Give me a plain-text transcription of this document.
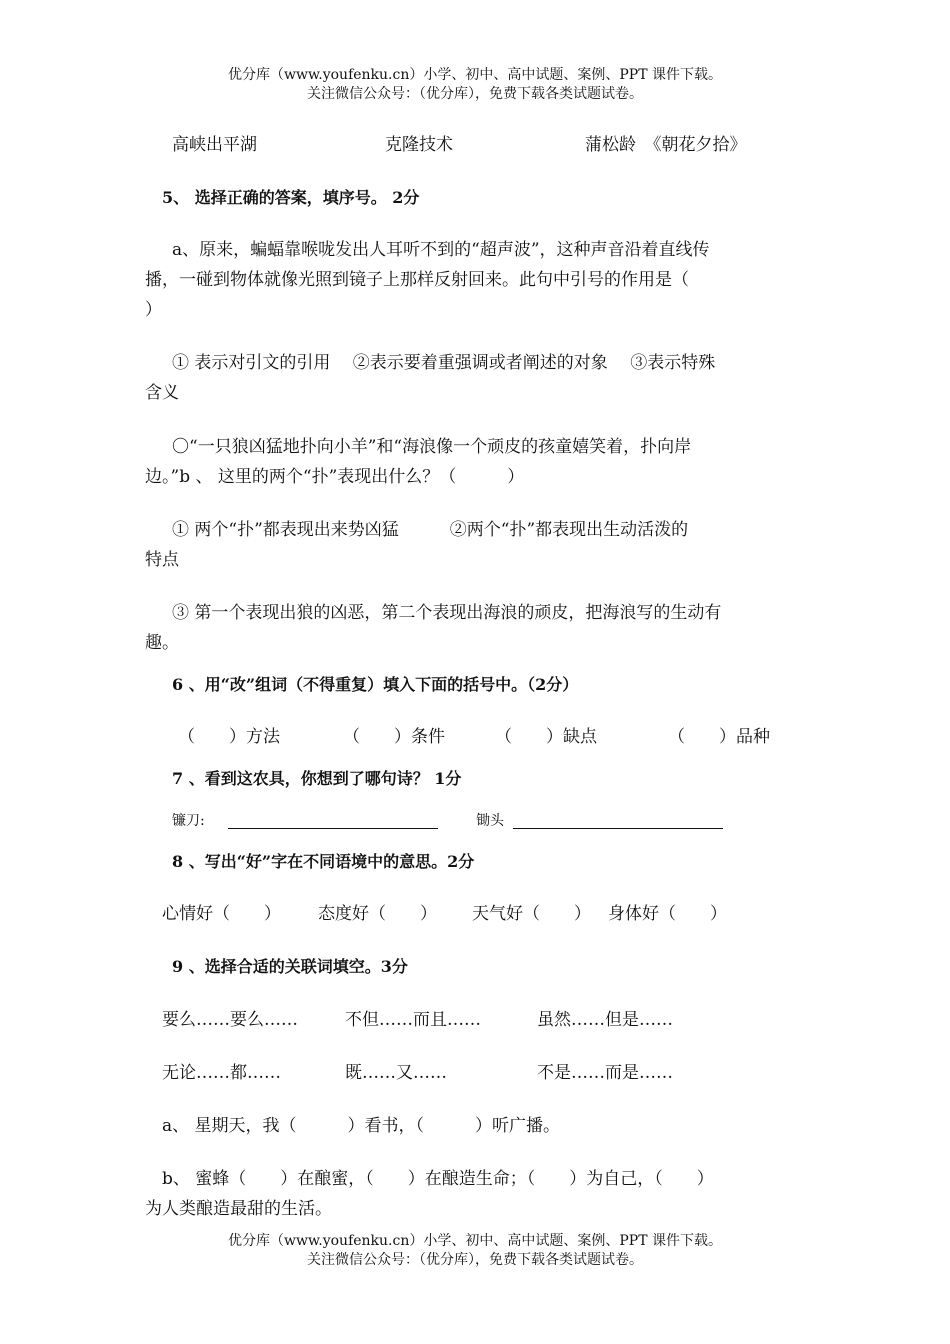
优分库（www.youfenku.cn）小学、初中、高中试题、案例、PPT 课件下载。
关注微信公众号：（优分库），免费下载各类试题试卷。
高峡出平湖	克隆技术	蒲松龄　《朝花夕拾》
5、 选择正确的答案，填序号。 2分
a、原来，蝙蝠靠喉咙发出人耳听不到的“超声波”，这种声音沿着直线传
播，一碰到物体就像光照到镜子上那样反射回来。此句中引号的作用是（
）
① 表示对引文的引用 　②表示要着重强调或者阐述的对象 　③表示特殊
含义
〇“一只狼凶猛地扑向小羊”和“海浪像一个顽皮的孩童嬉笑着，扑向岸
边。”b 、 这里的两个“扑”表现出什么？（　　　）
① 两个“扑”都表现出来势凶猛　　　②两个“扑”都表现出生动活泼的
特点
③ 第一个表现出狼的凶恶，第二个表现出海浪的顽皮，把海浪写的生动有
趣。
6 、用“改”组词（不得重复）填入下面的括号中。（2分）
（　　）方法	（　　）条件	（　　）缺点	（　　）品种
7 、看到这农具，你想到了哪句诗？ 1分
镰刀:	锄头
8 、写出“好”字在不同语境中的意思。2分
心情好（　　） 态度好（　　） 天气好（　　） 身体好（　　）
9 、选择合适的关联词填空。3分
要么……要么……	不但……而且……	虽然……但是……
无论……都……	既……又……	不是……而是……
a、 星期天，我（　　　）看书，（　　　）听广播。
b、 蜜蜂（　　）在酿蜜，（　　）在酿造生命；（　　）为自己，（　　）
为人类酿造最甜的生活。
优分库（www.youfenku.cn）小学、初中、高中试题、案例、PPT 课件下载。
关注微信公众号：（优分库），免费下载各类试题试卷。
